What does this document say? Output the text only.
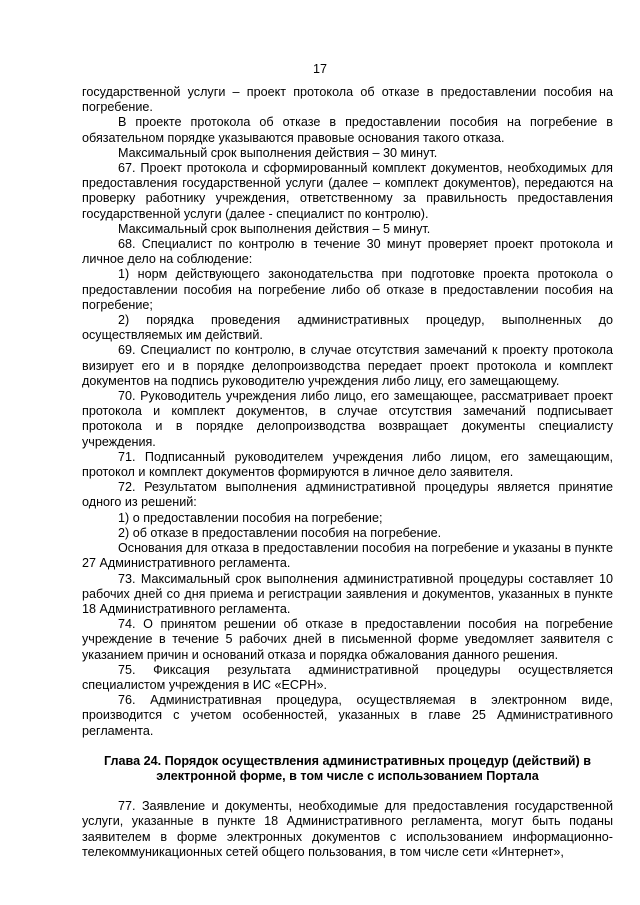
17

государственной услуги – проект протокола об отказе в предоставлении пособия на погребение.

В проекте протокола об отказе в предоставлении пособия на погребение в обязательном порядке указываются правовые основания такого отказа.

Максимальный срок выполнения действия – 30 минут.

67. Проект протокола и сформированный комплект документов, необходимых для предоставления государственной услуги (далее – комплект документов), передаются на проверку работнику учреждения, ответственному за правильность предоставления государственной услуги (далее - специалист по контролю).

Максимальный срок выполнения действия – 5 минут.

68. Специалист по контролю в течение 30 минут проверяет проект протокола и личное дело на соблюдение:

1) норм действующего законодательства при подготовке проекта протокола о предоставлении пособия на погребение либо об отказе в предоставлении пособия на погребение;

2) порядка проведения административных процедур, выполненных до осуществляемых им действий.

69. Специалист по контролю, в случае отсутствия замечаний к проекту протокола визирует его и в порядке делопроизводства передает проект протокола и комплект документов на подпись руководителю учреждения либо лицу, его замещающему.

70. Руководитель учреждения либо лицо, его замещающее, рассматривает проект протокола и комплект документов, в случае отсутствия замечаний подписывает протокола и в порядке делопроизводства возвращает документы специалисту учреждения.

71. Подписанный руководителем учреждения либо лицом, его замещающим, протокол и комплект документов формируются в личное дело заявителя.

72. Результатом выполнения административной процедуры является принятие одного из решений:

1) о предоставлении пособия на погребение;

2) об отказе в предоставлении пособия на погребение.

Основания для отказа в предоставлении пособия на погребение и указаны в пункте 27 Административного регламента.

73. Максимальный срок выполнения административной процедуры составляет 10 рабочих дней со дня приема и регистрации заявления и документов, указанных в пункте 18 Административного регламента.

74. О принятом решении об отказе в предоставлении пособия на погребение учреждение в течение 5 рабочих дней в письменной форме уведомляет заявителя с указанием причин и оснований отказа и порядка обжалования данного решения.

75. Фиксация результата административной процедуры осуществляется специалистом учреждения в ИС «ЕСРН».

76. Административная процедура, осуществляемая в электронном виде, производится с учетом особенностей, указанных в главе 25 Административного регламента.

Глава 24. Порядок осуществления административных процедур (действий) в электронной форме, в том числе с использованием Портала

77. Заявление и документы, необходимые для предоставления государственной услуги, указанные в пункте 18 Административного регламента, могут быть поданы заявителем в форме электронных документов с использованием информационно-телекоммуникационных сетей общего пользования, в том числе сети «Интернет»,
